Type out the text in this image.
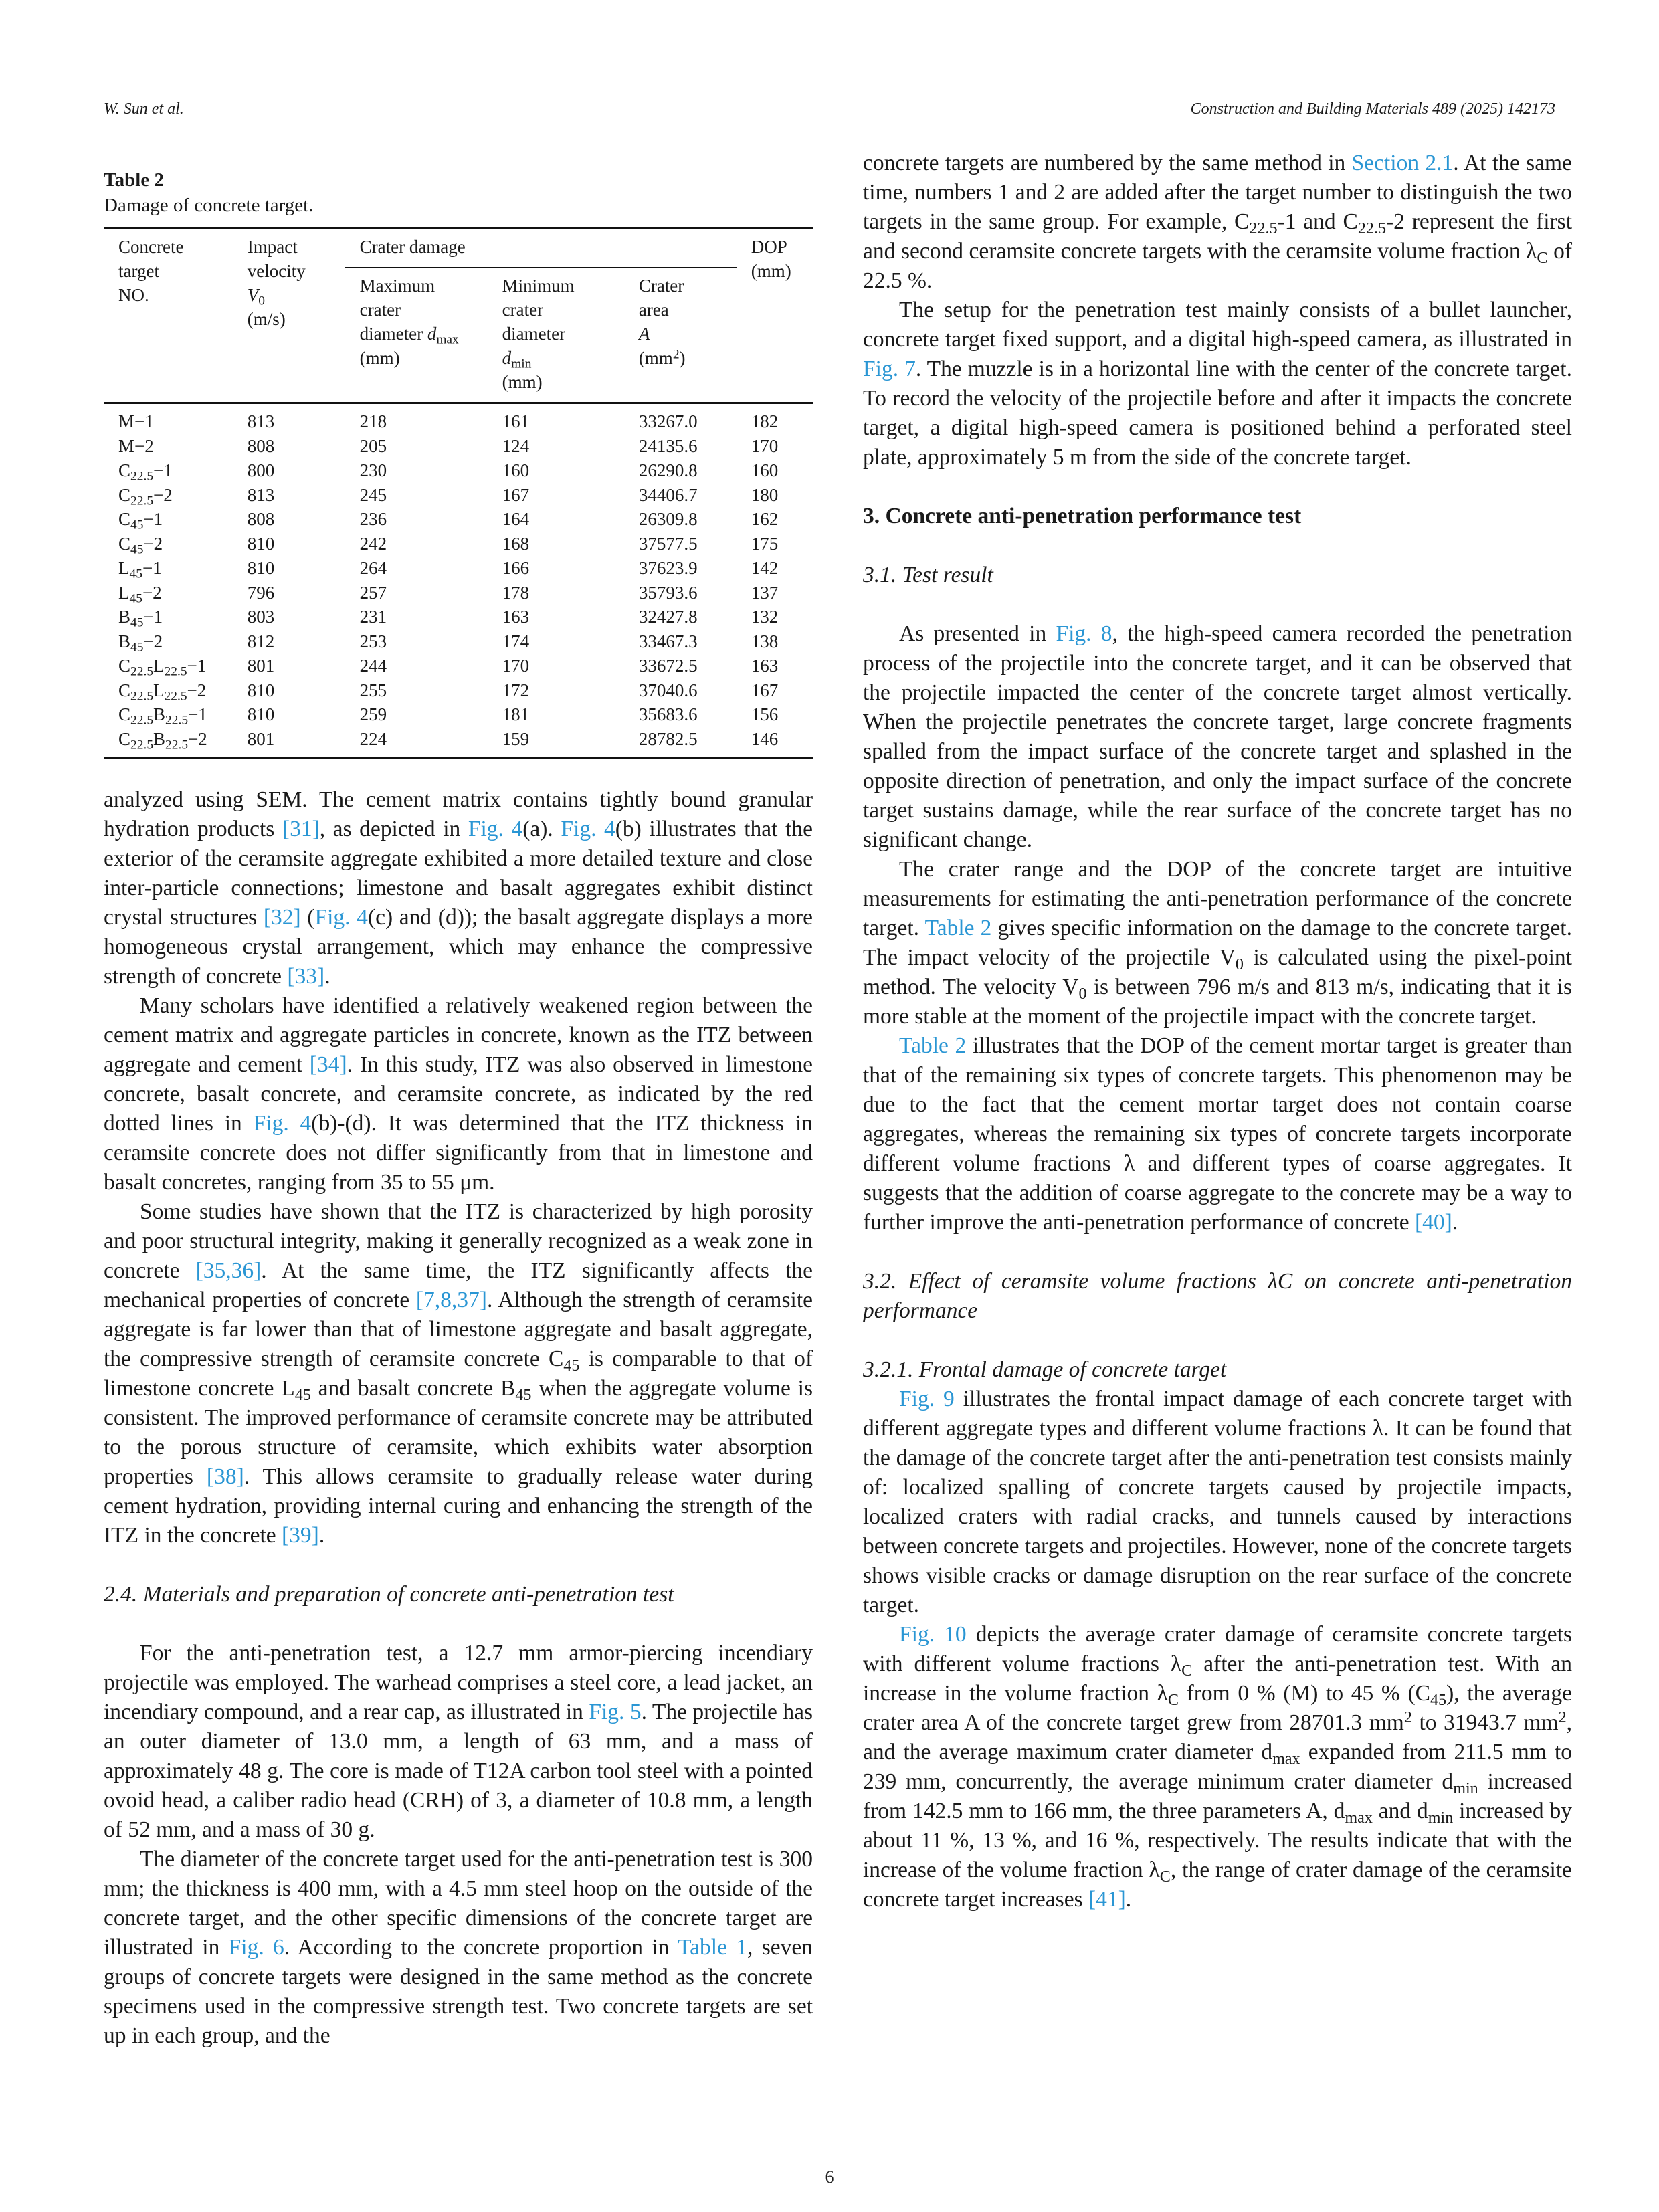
W. Sun et al.	Construction and Building Materials 489 (2025) 142173
Table 2
Damage of concrete target.
Concrete
target
NO.	Impact
velocity
$V_0$
(m/s)	Crater damage			DOP
(mm)
		Maximum
crater
diameter $d_{max}$
(mm)	Minimum
crater
diameter
$d_{min}$
(mm)	Crater
area
A
$(mm^2)$	
M−1	813	218	161	33267.0	182
M−2	808	205	124	24135.6	170
$C_{22.5}-1$	800	230	160	26290.8	160
$C_{22.5}-2$	813	245	167	34406.7	180
$C_{45}-1$	808	236	164	26309.8	162
$C_{45}-2$	810	242	168	37577.5	175
$L_{45}-1$	810	264	166	37623.9	142
$L_{45}-2$	796	257	178	35793.6	137
$B_{45}-1$	803	231	163	32427.8	132
$B_{45}-2$	812	253	174	33467.3	138
$C_{22.5}L_{22.5}-1$	801	244	170	33672.5	163
$C_{22.5}L_{22.5}-2$	810	255	172	37040.6	167
$C_{22.5}B_{22.5}-1$	810	259	181	35683.6	156
$C_{22.5}B_{22.5}-2$	801	224	159	28782.5	146

analyzed using SEM. The cement matrix contains tightly bound granular hydration products [31], as depicted in Fig. 4(a). Fig. 4(b) illustrates that the exterior of the ceramsite aggregate exhibited a more detailed texture and close inter-particle connections; limestone and basalt aggregates exhibit distinct crystal structures [32] (Fig. 4(c) and (d)); the basalt aggregate displays a more homogeneous crystal arrangement, which may enhance the compressive strength of concrete [33].

Many scholars have identified a relatively weakened region between the cement matrix and aggregate particles in concrete, known as the ITZ between aggregate and cement [34]. In this study, ITZ was also observed in limestone concrete, basalt concrete, and ceramsite concrete, as indicated by the red dotted lines in Fig. 4(b)-(d). It was determined that the ITZ thickness in ceramsite concrete does not differ significantly from that in limestone and basalt concretes, ranging from 35 to 55 μm.

Some studies have shown that the ITZ is characterized by high porosity and poor structural integrity, making it generally recognized as a weak zone in concrete [35,36]. At the same time, the ITZ significantly affects the mechanical properties of concrete [7,8,37]. Although the strength of ceramsite aggregate is far lower than that of limestone aggregate and basalt aggregate, the compressive strength of ceramsite concrete $C_{45}$ is comparable to that of limestone concrete $L_{45}$ and basalt concrete $B_{45}$ when the aggregate volume is consistent. The improved performance of ceramsite concrete may be attributed to the porous structure of ceramsite, which exhibits water absorption properties [38]. This allows ceramsite to gradually release water during cement hydration, providing internal curing and enhancing the strength of the ITZ in the concrete [39].

2.4. Materials and preparation of concrete anti-penetration test

For the anti-penetration test, a 12.7 mm armor-piercing incendiary projectile was employed. The warhead comprises a steel core, a lead jacket, an incendiary compound, and a rear cap, as illustrated in Fig. 5. The projectile has an outer diameter of 13.0 mm, a length of 63 mm, and a mass of approximately 48 g. The core is made of T12A carbon tool steel with a pointed ovoid head, a caliber radio head (CRH) of 3, a diameter of 10.8 mm, a length of 52 mm, and a mass of 30 g.

The diameter of the concrete target used for the anti-penetration test is 300 mm; the thickness is 400 mm, with a 4.5 mm steel hoop on the outside of the concrete target, and the other specific dimensions of the concrete target are illustrated in Fig. 6. According to the concrete proportion in Table 1, seven groups of concrete targets were designed in the same method as the concrete specimens used in the compressive strength test. Two concrete targets are set up in each group, and the

concrete targets are numbered by the same method in Section 2.1. At the same time, numbers 1 and 2 are added after the target number to distinguish the two targets in the same group. For example, $C_{22.5}-1$ and $C_{22.5}-2$ represent the first and second ceramsite concrete targets with the ceramsite volume fraction $\lambda_C$ of 22.5 %.

The setup for the penetration test mainly consists of a bullet launcher, concrete target fixed support, and a digital high-speed camera, as illustrated in Fig. 7. The muzzle is in a horizontal line with the center of the concrete target. To record the velocity of the projectile before and after it impacts the concrete target, a digital high-speed camera is positioned behind a perforated steel plate, approximately 5 m from the side of the concrete target.

3. Concrete anti-penetration performance test
3.1. Test result

As presented in Fig. 8, the high-speed camera recorded the penetration process of the projectile into the concrete target, and it can be observed that the projectile impacted the center of the concrete target almost vertically. When the projectile penetrates the concrete target, large concrete fragments spalled from the impact surface of the concrete target and splashed in the opposite direction of penetration, and only the impact surface of the concrete target sustains damage, while the rear surface of the concrete target has no significant change.

The crater range and the DOP of the concrete target are intuitive measurements for estimating the anti-penetration performance of the concrete target. Table 2 gives specific information on the damage to the concrete target. The impact velocity of the projectile $V_0$ is calculated using the pixel-point method. The velocity $V_0$ is between 796 m/s and 813 m/s, indicating that it is more stable at the moment of the projectile impact with the concrete target.

Table 2 illustrates that the DOP of the cement mortar target is greater than that of the remaining six types of concrete targets. This phenomenon may be due to the fact that the cement mortar target does not contain coarse aggregates, whereas the remaining six types of concrete targets incorporate different volume fractions λ and different types of coarse aggregates. It suggests that the addition of coarse aggregate to the concrete may be a way to further improve the anti-penetration performance of concrete [40].

3.2. Effect of ceramsite volume fractions λC on concrete anti-penetration performance
3.2.1. Frontal damage of concrete target

Fig. 9 illustrates the frontal impact damage of each concrete target with different aggregate types and different volume fractions λ. It can be found that the damage of the concrete target after the anti-penetration test consists mainly of: localized spalling of concrete targets caused by projectile impacts, localized craters with radial cracks, and tunnels caused by interactions between concrete targets and projectiles. However, none of the concrete targets shows visible cracks or damage disruption on the rear surface of the concrete target.

Fig. 10 depicts the average crater damage of ceramsite concrete targets with different volume fractions $\lambda_C$ after the anti-penetration test. With an increase in the volume fraction $\lambda_C$ from 0 % (M) to 45 % $(C_{45})$, the average crater area A of the concrete target grew from 28701.3 $mm^2$ to 31943.7 $mm^2$, and the average maximum crater diameter $d_{max}$ expanded from 211.5 mm to 239 mm, concurrently, the average minimum crater diameter $d_{min}$ increased from 142.5 mm to 166 mm, the three parameters A, $d_{max}$ and $d_{min}$ increased by about 11 %, 13 %, and 16 %, respectively. The results indicate that with the increase of the volume fraction $\lambda_C$, the range of crater damage of the ceramsite concrete target increases [41].

6
